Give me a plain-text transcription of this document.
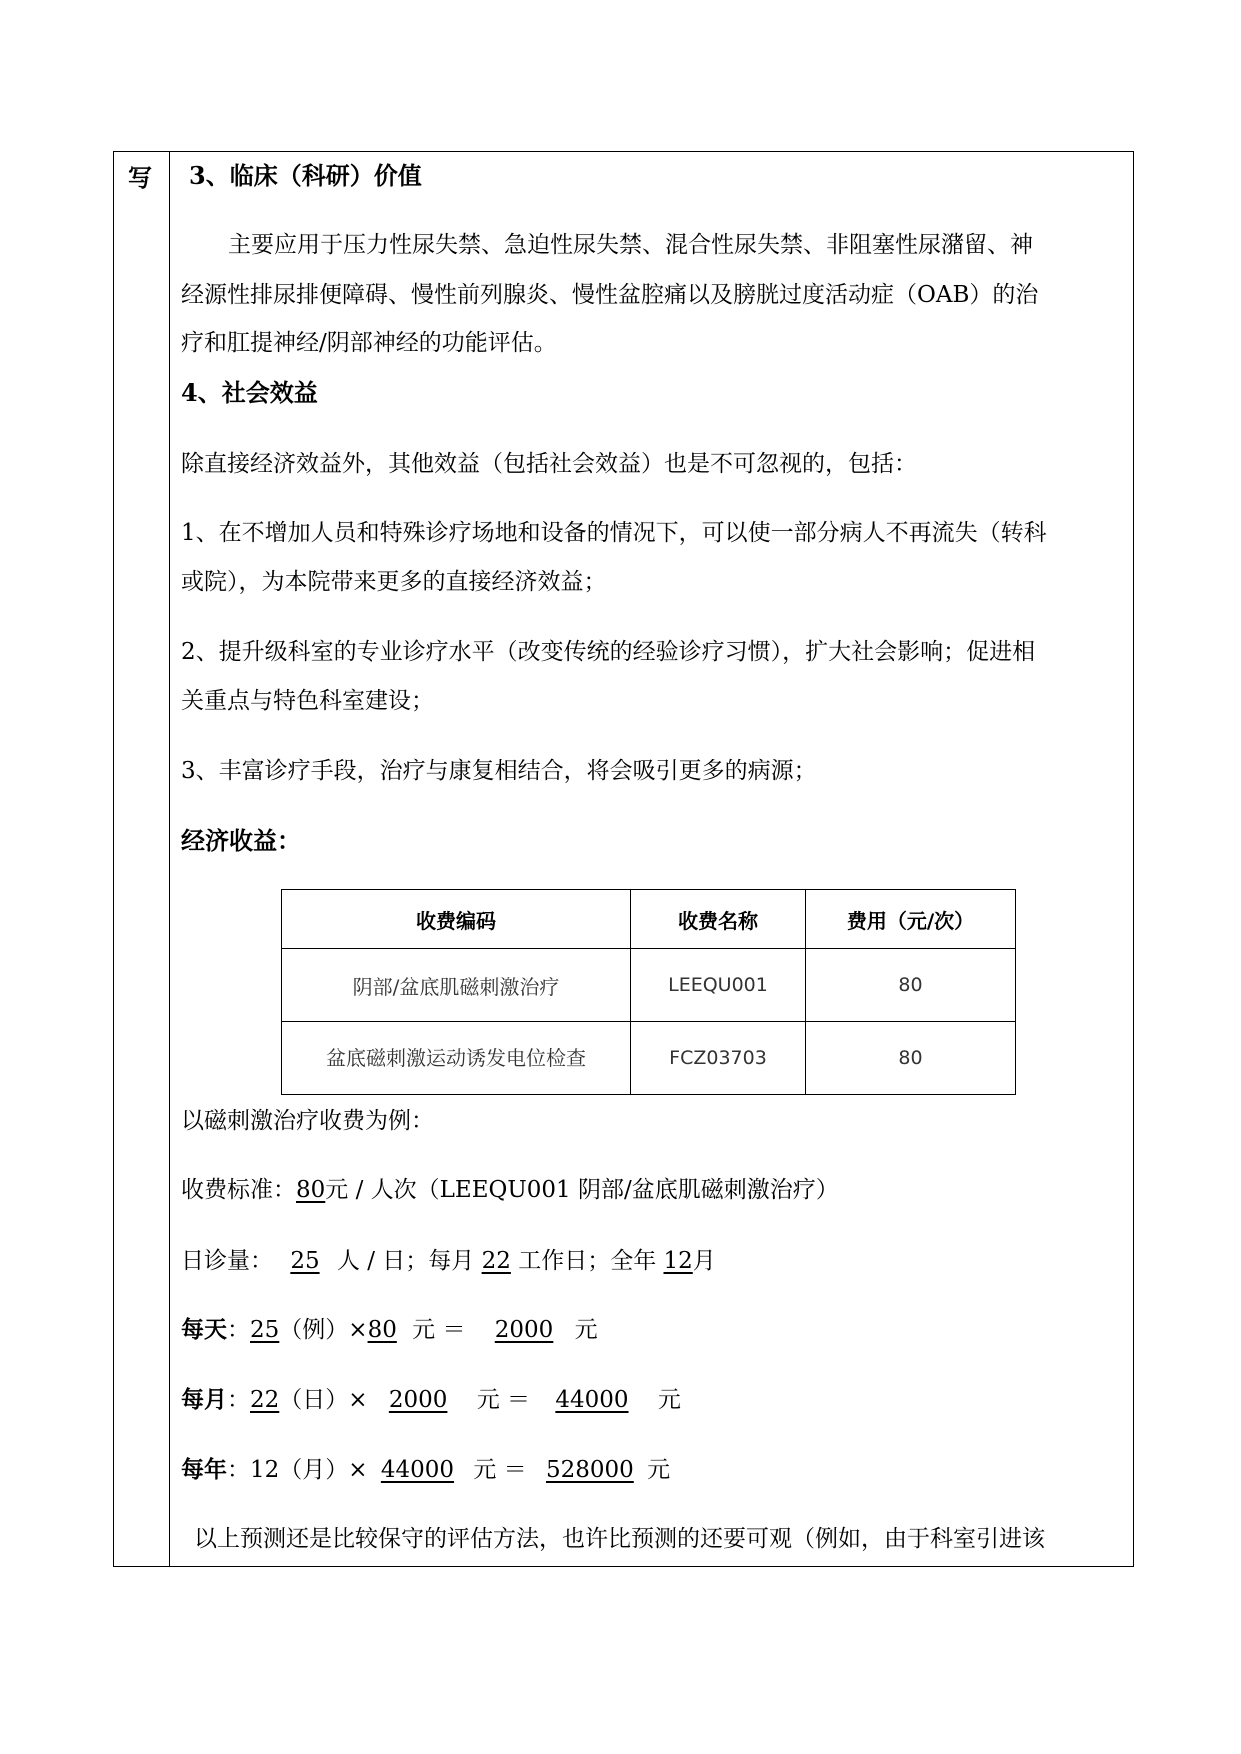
写 3、临床（科研）价值
主要应用于压力性尿失禁、急迫性尿失禁、混合性尿失禁、非阻塞性尿潴留、神
经源性排尿排便障碍、慢性前列腺炎、慢性盆腔痛以及膀胱过度活动症（OAB）的治
疗和肛提神经/阴部神经的功能评估。
4、社会效益
除直接经济效益外，其他效益（包括社会效益）也是不可忽视的，包括：
1、在不增加人员和特殊诊疗场地和设备的情况下，可以使一部分病人不再流失（转科
或院），为本院带来更多的直接经济效益；
2、提升级科室的专业诊疗水平（改变传统的经验诊疗习惯），扩大社会影响；促进相
关重点与特色科室建设；
3、丰富诊疗手段，治疗与康复相结合，将会吸引更多的病源；
经济收益：
收费编码	收费名称	费用（元/次）
阴部/盆底肌磁刺激治疗	LEEQU001	80
盆底磁刺激运动诱发电位检查	FCZ03703	80
以磁刺激治疗收费为例：
收费标准：80元 / 人次（LEEQU001 阴部/盆底肌磁刺激治疗）
日诊量： 25 人 / 日；每月 22 工作日；全年 12月
每天：25（例）×80 元 ＝ 2000 元
每月：22（日）× 2000 元 ＝ 44000 元
每年：12（月）× 44000 元 ＝ 528000 元
以上预测还是比较保守的评估方法，也许比预测的还要可观（例如，由于科室引进该
